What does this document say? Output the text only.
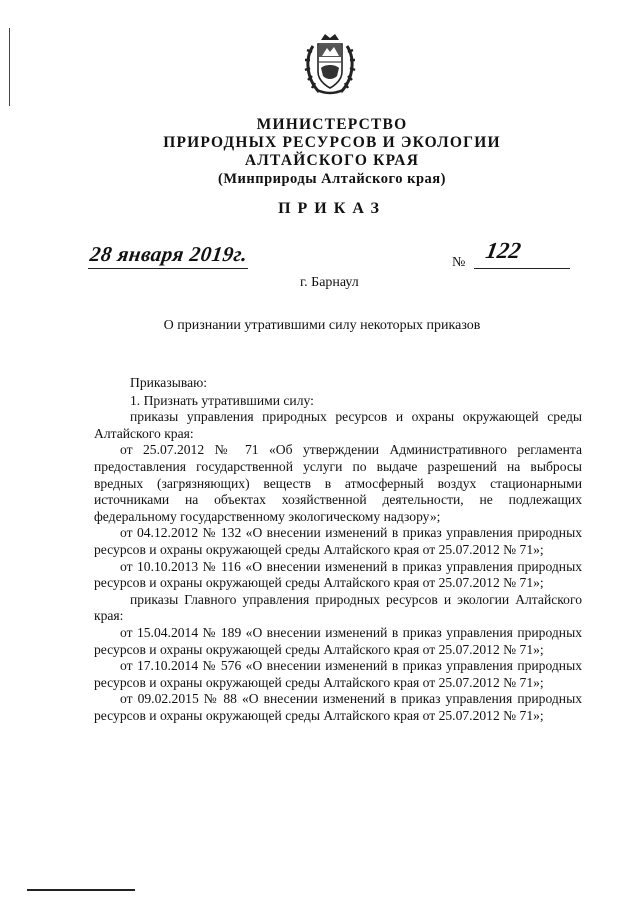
МИНИСТЕРСТВО
ПРИРОДНЫХ РЕСУРСОВ И ЭКОЛОГИИ
АЛТАЙСКОГО КРАЯ
(Минприроды Алтайского края)
ПРИКАЗ
28 января 2019г.	№ 122
г. Барнаул
О признании утратившими силу некоторых приказов

Приказываю:

1. Признать утратившими силу:

приказы управления природных ресурсов и охраны окружающей среды Алтайского края:

от 25.07.2012 № 71 «Об утверждении Административного регламента предоставления государственной услуги по выдаче разрешений на выбросы вредных (загрязняющих) веществ в атмосферный воздух стационарными источниками на объектах хозяйственной деятельности, не подлежащих федеральному государственному экологическому надзору»;

от 04.12.2012 № 132 «О внесении изменений в приказ управления природных ресурсов и охраны окружающей среды Алтайского края от 25.07.2012 № 71»;

от 10.10.2013 № 116 «О внесении изменений в приказ управления природных ресурсов и охраны окружающей среды Алтайского края от 25.07.2012 № 71»;

приказы Главного управления природных ресурсов и экологии Алтайского края:

от 15.04.2014 № 189 «О внесении изменений в приказ управления природных ресурсов и охраны окружающей среды Алтайского края от 25.07.2012 № 71»;

от 17.10.2014 № 576 «О внесении изменений в приказ управления природных ресурсов и охраны окружающей среды Алтайского края от 25.07.2012 № 71»;

от 09.02.2015 № 88 «О внесении изменений в приказ управления природных ресурсов и охраны окружающей среды Алтайского края от 25.07.2012 № 71»;
